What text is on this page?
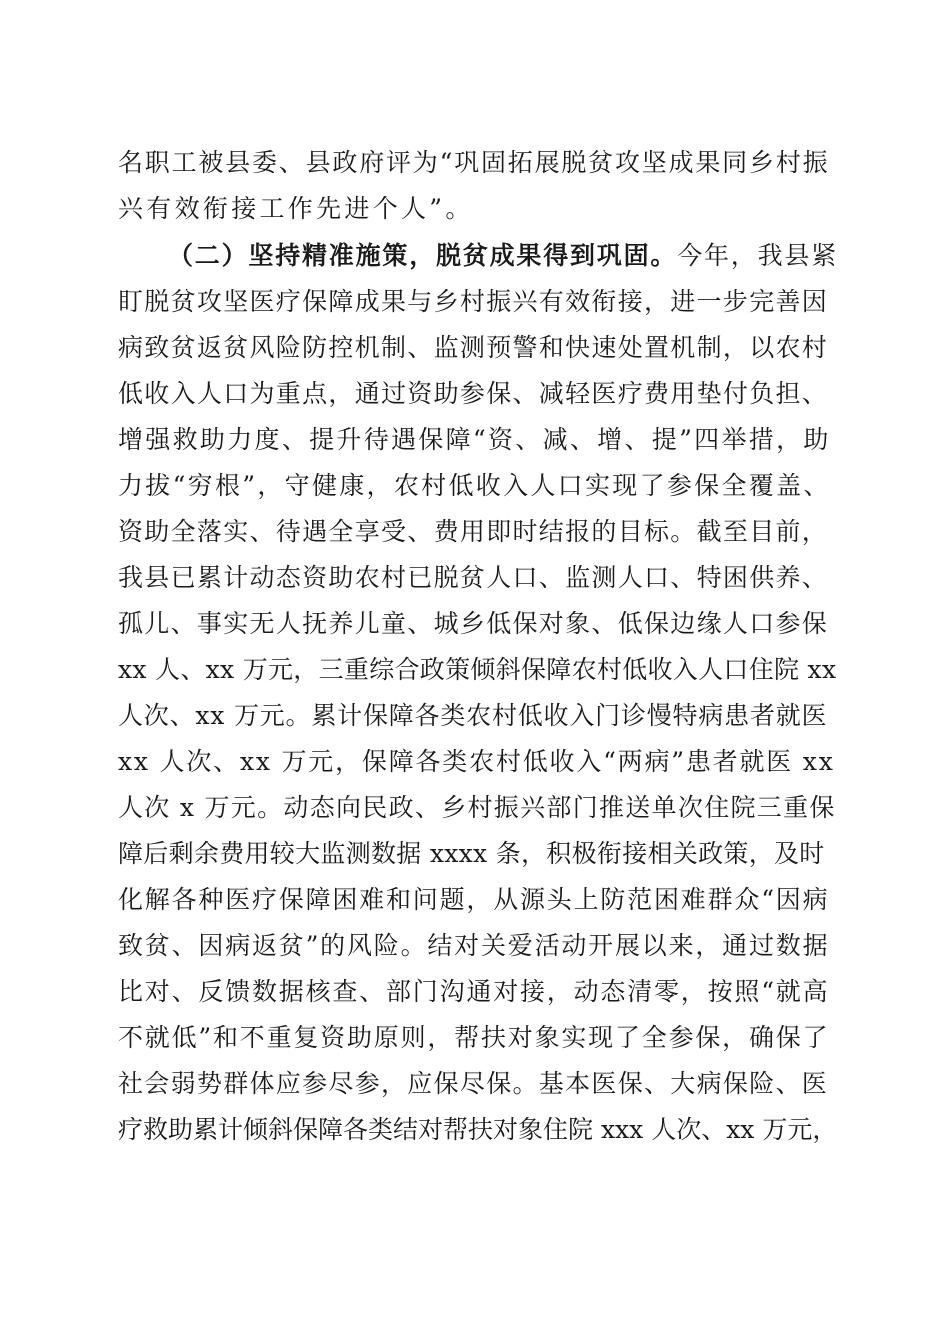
名职工被县委、县政府评为“巩固拓展脱贫攻坚成果同乡村振
兴有效衔接工作先进个人”。
（二）坚持精准施策，脱贫成果得到巩固。今年，我县紧
盯脱贫攻坚医疗保障成果与乡村振兴有效衔接，进一步完善因
病致贫返贫风险防控机制、监测预警和快速处置机制，以农村
低收入人口为重点，通过资助参保、减轻医疗费用垫付负担、
增强救助力度、提升待遇保障“资、减、增、提”四举措，助
力拔“穷根”，守健康，农村低收入人口实现了参保全覆盖、
资助全落实、待遇全享受、费用即时结报的目标。截至目前，
我县已累计动态资助农村已脱贫人口、监测人口、特困供养、
孤儿、事实无人抚养儿童、城乡低保对象、低保边缘人口参保
xx 人、xx 万元，三重综合政策倾斜保障农村低收入人口住院 xx
人次、xx 万元。累计保障各类农村低收入门诊慢特病患者就医
xx 人次、xx 万元，保障各类农村低收入“两病”患者就医 xx
人次 x 万元。动态向民政、乡村振兴部门推送单次住院三重保
障后剩余费用较大监测数据 xxxx 条，积极衔接相关政策，及时
化解各种医疗保障困难和问题，从源头上防范困难群众“因病
致贫、因病返贫”的风险。结对关爱活动开展以来，通过数据
比对、反馈数据核查、部门沟通对接，动态清零，按照“就高
不就低”和不重复资助原则，帮扶对象实现了全参保，确保了
社会弱势群体应参尽参，应保尽保。基本医保、大病保险、医
疗救助累计倾斜保障各类结对帮扶对象住院 xxx 人次、xx 万元，
